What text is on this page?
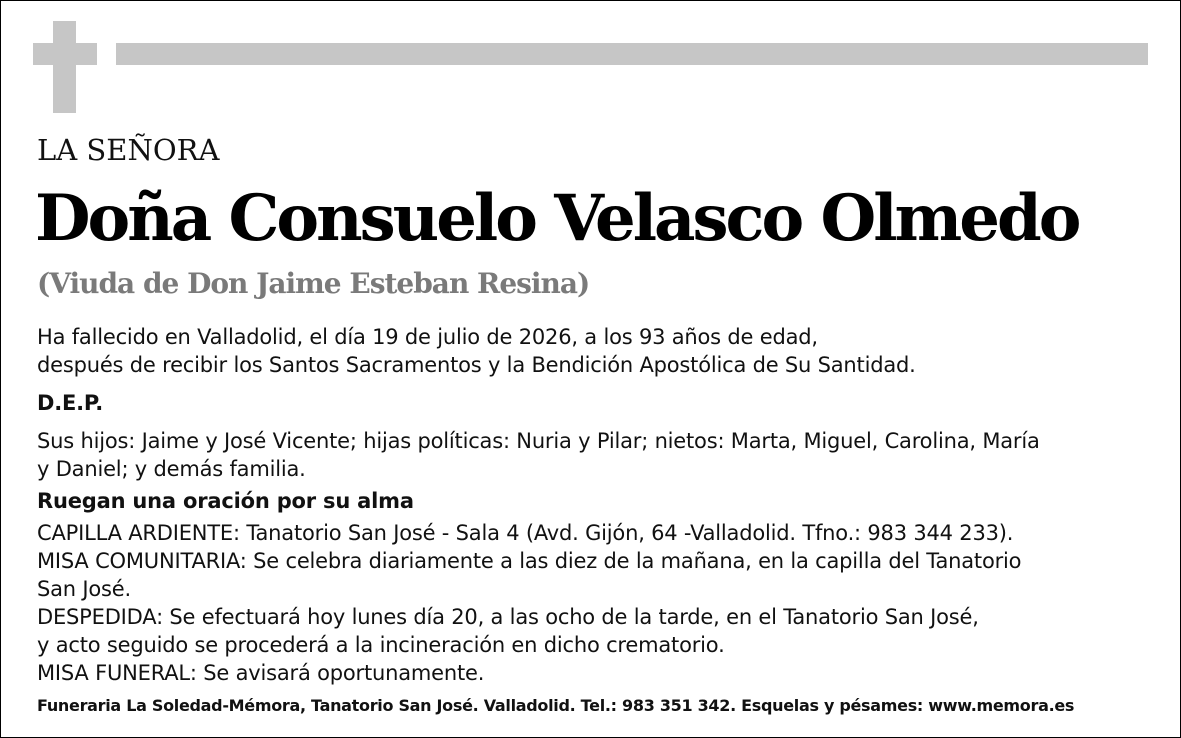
LA SEÑORA
Doña Consuelo Velasco Olmedo
(Viuda de Don Jaime Esteban Resina)
Ha fallecido en Valladolid, el día 19 de julio de 2026, a los 93 años de edad,
después de recibir los Santos Sacramentos y la Bendición Apostólica de Su Santidad.
D.E.P.
Sus hijos: Jaime y José Vicente; hijas políticas: Nuria y Pilar; nietos: Marta, Miguel, Carolina, María
y Daniel; y demás familia.
Ruegan una oración por su alma
CAPILLA ARDIENTE: Tanatorio San José - Sala 4 (Avd. Gijón, 64 -Valladolid. Tfno.: 983 344 233).
MISA COMUNITARIA: Se celebra diariamente a las diez de la mañana, en la capilla del Tanatorio
San José.
DESPEDIDA: Se efectuará hoy lunes día 20, a las ocho de la tarde, en el Tanatorio San José,
y acto seguido se procederá a la incineración en dicho crematorio.
MISA FUNERAL: Se avisará oportunamente.
Funeraria La Soledad-Mémora, Tanatorio San José. Valladolid. Tel.: 983 351 342. Esquelas y pésames: www.memora.es
